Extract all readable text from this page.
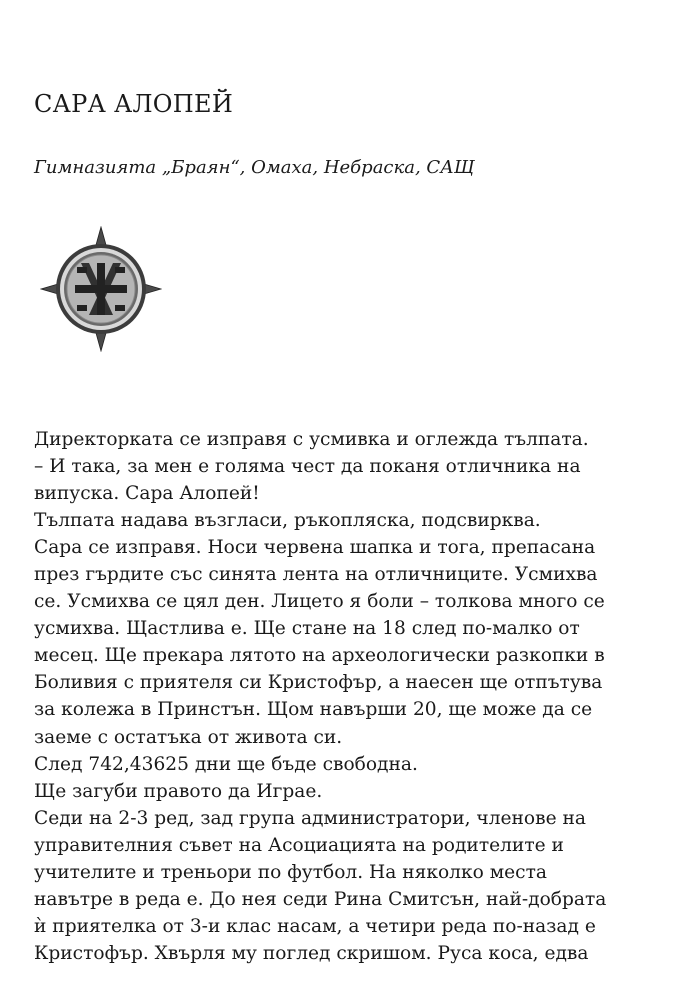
САРА АЛОПЕЙ

Гимназията „Браян“, Омаха, Небраска, САЩ

Директорката се изправя с усмивка и оглежда тълпата.

– И така, за мен е голяма чест да поканя отличника на

випуска. Сара Алопей!

Тълпата надава възгласи, ръкопляска, подсвирква.

Сара се изправя. Носи червена шапка и тога, препасана

през гърдите със синята лента на отличниците. Усмихва

се. Усмихва се цял ден. Лицето я боли – толкова много се

усмихва. Щастлива е. Ще стане на 18 след по-малко от

месец. Ще прекара лятото на археологически разкопки в

Боливия с приятеля си Кристофър, а наесен ще отпътува

за колежа в Принстън. Щом навърши 20, ще може да се

заеме с остатъка от живота си.

След 742,43625 дни ще бъде свободна.

Ще загуби правото да Играе.

Седи на 2-3 ред, зад група администратори, членове на

управителния съвет на Асоциацията на родителите и

учителите и треньори по футбол. На няколко места

навътре в реда е. До нея седи Рина Смитсън, най-добрата

ѝ приятелка от 3-и клас насам, а четири реда по-назад е

Кристофър. Хвърля му поглед скришом. Руса коса, едва
